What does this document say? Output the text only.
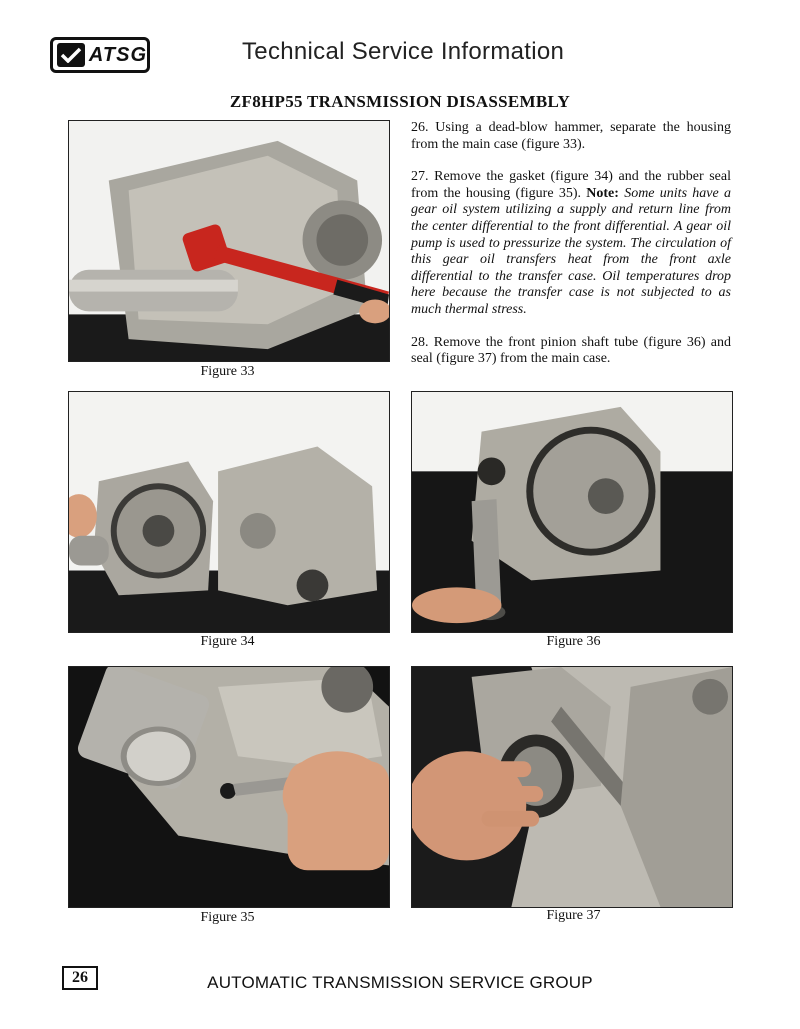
ATSG	Technical Service Information
ZF8HP55 TRANSMISSION DISASSEMBLY
Figure 33

26. Using a dead-blow hammer, separate the housing from the main case (figure 33).

27. Remove the gasket (figure 34) and the rubber seal from the housing (figure 35). Note: Some units have a gear oil system utilizing a supply and return line from the center differential to the front differential. A gear oil pump is used to pressurize the system. The circulation of this gear oil transfers heat from the front axle differential to the transfer case. Oil temperatures drop here because the transfer case is not subjected to as much thermal stress.

28. Remove the front pinion shaft tube (figure 36) and seal (figure 37) from the main case.

Figure 34	Figure 36
Figure 35	Figure 37
26	AUTOMATIC TRANSMISSION SERVICE GROUP
